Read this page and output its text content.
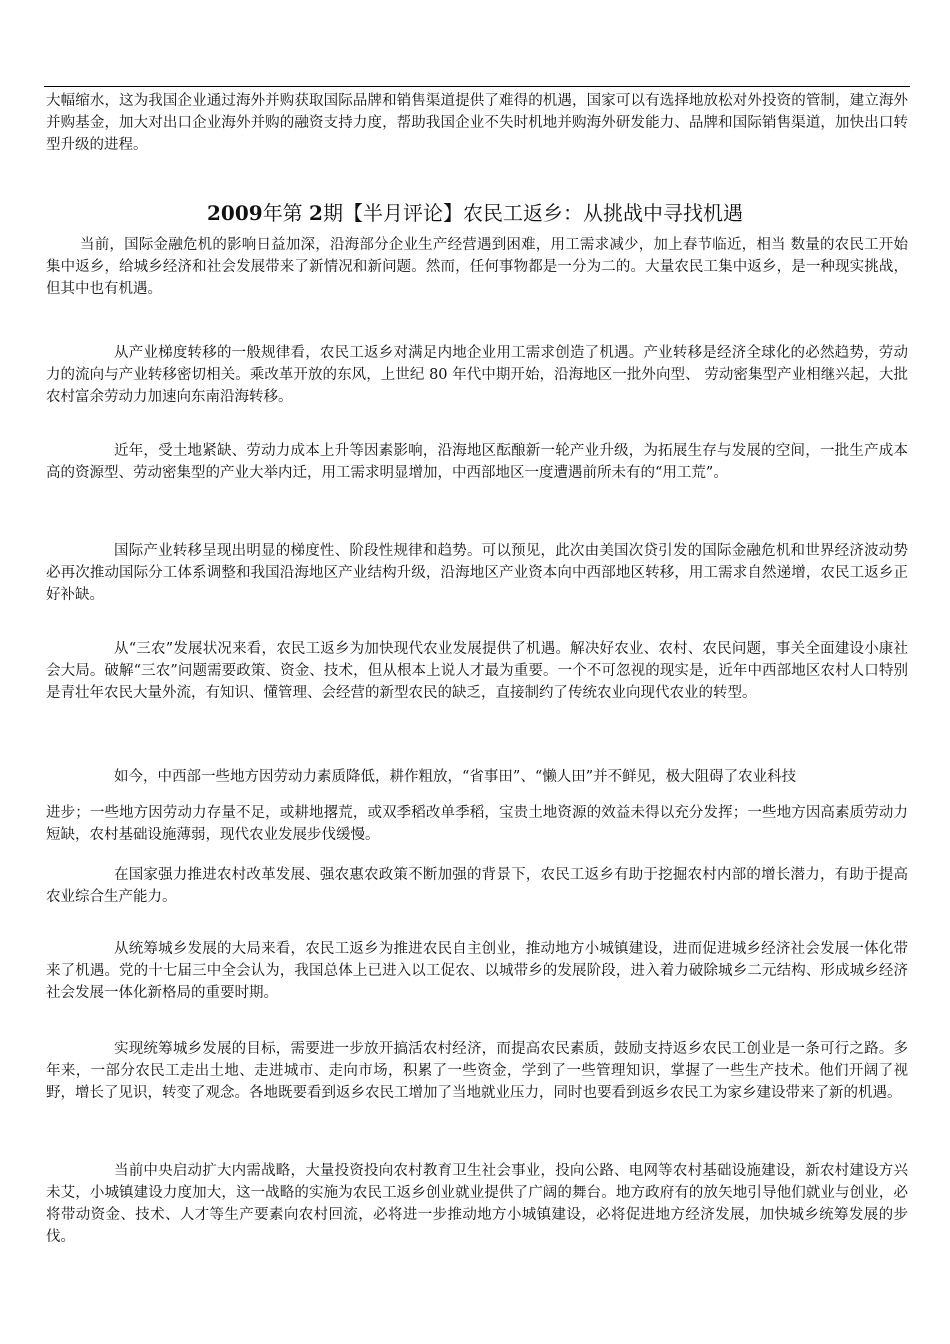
大幅缩水，这为我国企业通过海外并购获取国际品牌和销售渠道提供了难得的机遇，国家可以有选择地放松对外投资的管制，建立海外并购基金，加大对出口企业海外并购的融资支持力度，帮助我国企业不失时机地并购海外研发能力、品牌和国际销售渠道，加快出口转型升级的进程。

2009年第 2期【半月评论】农民工返乡：从挑战中寻找机遇

当前，国际金融危机的影响日益加深，沿海部分企业生产经营遇到困难，用工需求减少，加上春节临近，相当 数量的农民工开始集中返乡，给城乡经济和社会发展带来了新情况和新问题。然而，任何事物都是一分为二的。大量农民工集中返乡，是一种现实挑战，但其中也有机遇。

从产业梯度转移的一般规律看，农民工返乡对满足内地企业用工需求创造了机遇。产业转移是经济全球化的必然趋势，劳动力的流向与产业转移密切相关。乘改革开放的东风，上世纪 80 年代中期开始，沿海地区一批外向型、 劳动密集型产业相继兴起，大批农村富余劳动力加速向东南沿海转移。

近年，受土地紧缺、劳动力成本上升等因素影响，沿海地区酝酿新一轮产业升级，为拓展生存与发展的空间，一批生产成本高的资源型、劳动密集型的产业大举内迁，用工需求明显增加，中西部地区一度遭遇前所未有的“用工荒”。

国际产业转移呈现出明显的梯度性、阶段性规律和趋势。可以预见，此次由美国次贷引发的国际金融危机和世界经济波动势必再次推动国际分工体系调整和我国沿海地区产业结构升级，沿海地区产业资本向中西部地区转移，用工需求自然递增，农民工返乡正好补缺。

从“三农”发展状况来看，农民工返乡为加快现代农业发展提供了机遇。解决好农业、农村、农民问题，事关全面建设小康社会大局。破解“三农”问题需要政策、资金、技术，但从根本上说人才最为重要。一个不可忽视的现实是，近年中西部地区农村人口特别是青壮年农民大量外流，有知识、懂管理、会经营的新型农民的缺乏，直接制约了传统农业向现代农业的转型。

如今，中西部一些地方因劳动力素质降低，耕作粗放，“省事田”、“懒人田”并不鲜见，极大阻碍了农业科技

进步；一些地方因劳动力存量不足，或耕地撂荒，或双季稻改单季稻，宝贵土地资源的效益未得以充分发挥；一些地方因高素质劳动力短缺，农村基础设施薄弱，现代农业发展步伐缓慢。

在国家强力推进农村改革发展、强农惠农政策不断加强的背景下，农民工返乡有助于挖掘农村内部的增长潜力，有助于提高农业综合生产能力。

从统筹城乡发展的大局来看，农民工返乡为推进农民自主创业，推动地方小城镇建设，进而促进城乡经济社会发展一体化带来了机遇。党的十七届三中全会认为，我国总体上已进入以工促农、以城带乡的发展阶段，进入着力破除城乡二元结构、形成城乡经济社会发展一体化新格局的重要时期。

实现统筹城乡发展的目标，需要进一步放开搞活农村经济，而提高农民素质，鼓励支持返乡农民工创业是一条可行之路。多年来，一部分农民工走出土地、走进城市、走向市场，积累了一些资金，学到了一些管理知识，掌握了一些生产技术。他们开阔了视野，增长了见识，转变了观念。各地既要看到返乡农民工增加了当地就业压力，同时也要看到返乡农民工为家乡建设带来了新的机遇。

当前中央启动扩大内需战略，大量投资投向农村教育卫生社会事业，投向公路、电网等农村基础设施建设，新农村建设方兴未艾，小城镇建设力度加大，这一战略的实施为农民工返乡创业就业提供了广阔的舞台。地方政府有的放矢地引导他们就业与创业，必将带动资金、技术、人才等生产要素向农村回流，必将进一步推动地方小城镇建设，必将促进地方经济发展，加快城乡统筹发展的步伐。
